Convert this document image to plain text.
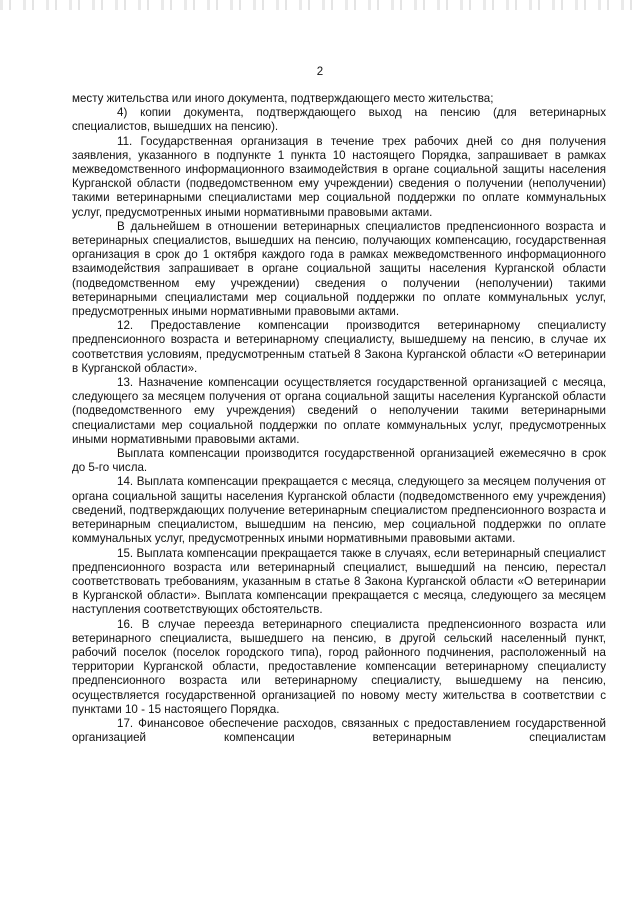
2

месту жительства или иного документа, подтверждающего место жительства;

4) копии документа, подтверждающего выход на пенсию (для ветеринарных специалистов, вышедших на пенсию).

11. Государственная организация в течение трех рабочих дней со дня получения заявления, указанного в подпункте 1 пункта 10 настоящего Порядка, запрашивает в рамках межведомственного информационного взаимодействия в органе социальной защиты населения Курганской области (подведомственном ему учреждении) сведения о получении (неполучении) такими ветеринарными специалистами мер социальной поддержки по оплате коммунальных услуг, предусмотренных иными нормативными правовыми актами.

В дальнейшем в отношении ветеринарных специалистов предпенсионного возраста и ветеринарных специалистов, вышедших на пенсию, получающих компенсацию, государственная организация в срок до 1 октября каждого года в рамках межведомственного информационного взаимодействия запрашивает в органе социальной защиты населения Курганской области (подведомственном ему учреждении) сведения о получении (неполучении) такими ветеринарными специалистами мер социальной поддержки по оплате коммунальных услуг, предусмотренных иными нормативными правовыми актами.

12. Предоставление компенсации производится ветеринарному специалисту предпенсионного возраста и ветеринарному специалисту, вышедшему на пенсию, в случае их соответствия условиям, предусмотренным статьей 8 Закона Курганской области «О ветеринарии в Курганской области».

13. Назначение компенсации осуществляется государственной организацией с месяца, следующего за месяцем получения от органа социальной защиты населения Курганской области (подведомственного ему учреждения) сведений о неполучении такими ветеринарными специалистами мер социальной поддержки по оплате коммунальных услуг, предусмотренных иными нормативными правовыми актами.

Выплата компенсации производится государственной организацией ежемесячно в срок до 5-го числа.

14. Выплата компенсации прекращается с месяца, следующего за месяцем получения от органа социальной защиты населения Курганской области (подведомственного ему учреждения) сведений, подтверждающих получение ветеринарным специалистом предпенсионного возраста и ветеринарным специалистом, вышедшим на пенсию, мер социальной поддержки по оплате коммунальных услуг, предусмотренных иными нормативными правовыми актами.

15. Выплата компенсации прекращается также в случаях, если ветеринарный специалист предпенсионного возраста или ветеринарный специалист, вышедший на пенсию, перестал соответствовать требованиям, указанным в статье 8 Закона Курганской области «О ветеринарии в Курганской области». Выплата компенсации прекращается с месяца, следующего за месяцем наступления соответствующих обстоятельств.

16. В случае переезда ветеринарного специалиста предпенсионного возраста или ветеринарного специалиста, вышедшего на пенсию, в другой сельский населенный пункт, рабочий поселок (поселок городского типа), город районного подчинения, расположенный на территории Курганской области, предоставление компенсации ветеринарному специалисту предпенсионного возраста или ветеринарному специалисту, вышедшему на пенсию, осуществляется государственной организацией по новому месту жительства в соответствии с пунктами 10 - 15 настоящего Порядка.

17. Финансовое обеспечение расходов, связанных с предоставлением государственной организацией компенсации ветеринарным специалистам
